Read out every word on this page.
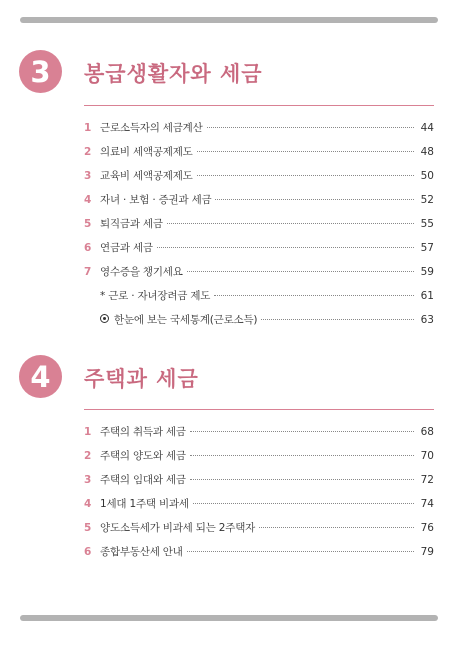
3	봉급생활자와 세금
1 근로소득자의 세금계산	44
2 의료비 세액공제제도	48
3 교육비 세액공제제도	50
4 자녀 · 보험 · 증권과 세금	52
5 퇴직금과 세금	55
6 연금과 세금	57
7 영수증을 챙기세요	59
* 근로 · 자녀장려금 제도	61
한눈에 보는 국세통계(근로소득)	63
4	주택과 세금
1 주택의 취득과 세금	68
2 주택의 양도와 세금	70
3 주택의 임대와 세금	72
4 1세대 1주택 비과세	74
5 양도소득세가 비과세 되는 2주택자	76
6 종합부동산세 안내	79
